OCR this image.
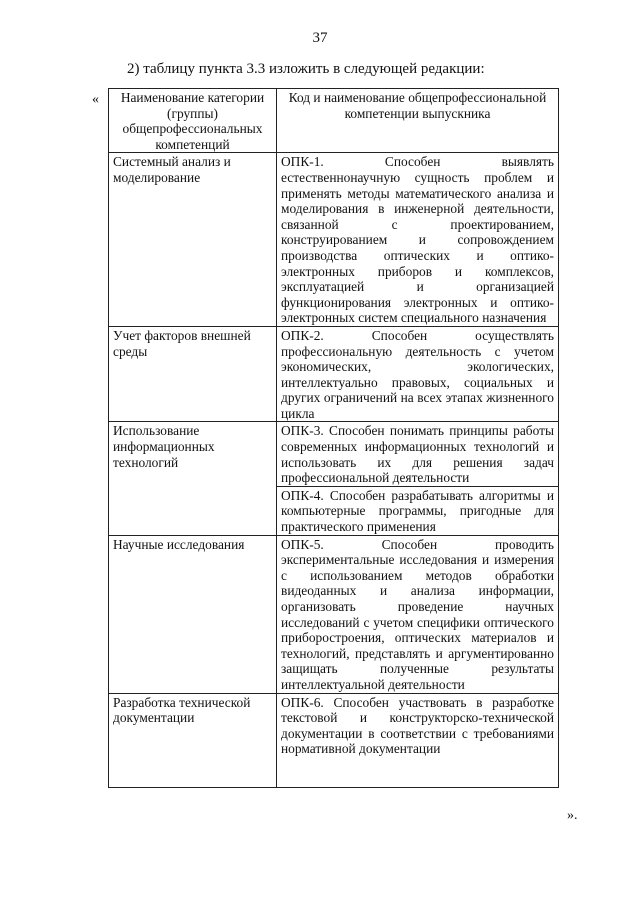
37
2) таблицу пункта 3.3 изложить в следующей редакции:
« Наименование категории (группы) общепрофессиональных компетенций	Код и наименование общепрофессиональной компетенции выпускника
Системный анализ и моделирование	ОПК-1. Способен выявлять естественнонаучную сущность проблем и применять методы математического анализа и моделирования в инженерной деятельности, связанной с проектированием, конструированием и сопровождением производства оптических и оптико-электронных приборов и комплексов, эксплуатацией и организацией функционирования электронных и оптико-электронных систем специального назначения
Учет факторов внешней среды	ОПК-2. Способен осуществлять профессиональную деятельность с учетом экономических, экологических, интеллектуально правовых, социальных и других ограничений на всех этапах жизненного цикла
Использование информационных технологий	ОПК-3. Способен понимать принципы работы современных информационных технологий и использовать их для решения задач профессиональной деятельности
	ОПК-4. Способен разрабатывать алгоритмы и компьютерные программы, пригодные для практического применения
Научные исследования	ОПК-5. Способен проводить экспериментальные исследования и измерения с использованием методов обработки видеоданных и анализа информации, организовать проведение научных исследований с учетом специфики оптического приборостроения, оптических материалов и технологий, представлять и аргументированно защищать полученные результаты интеллектуальной деятельности
Разработка технической документации	ОПК-6. Способен участвовать в разработке текстовой и конструкторско-технической документации в соответствии с требованиями нормативной документации
».
